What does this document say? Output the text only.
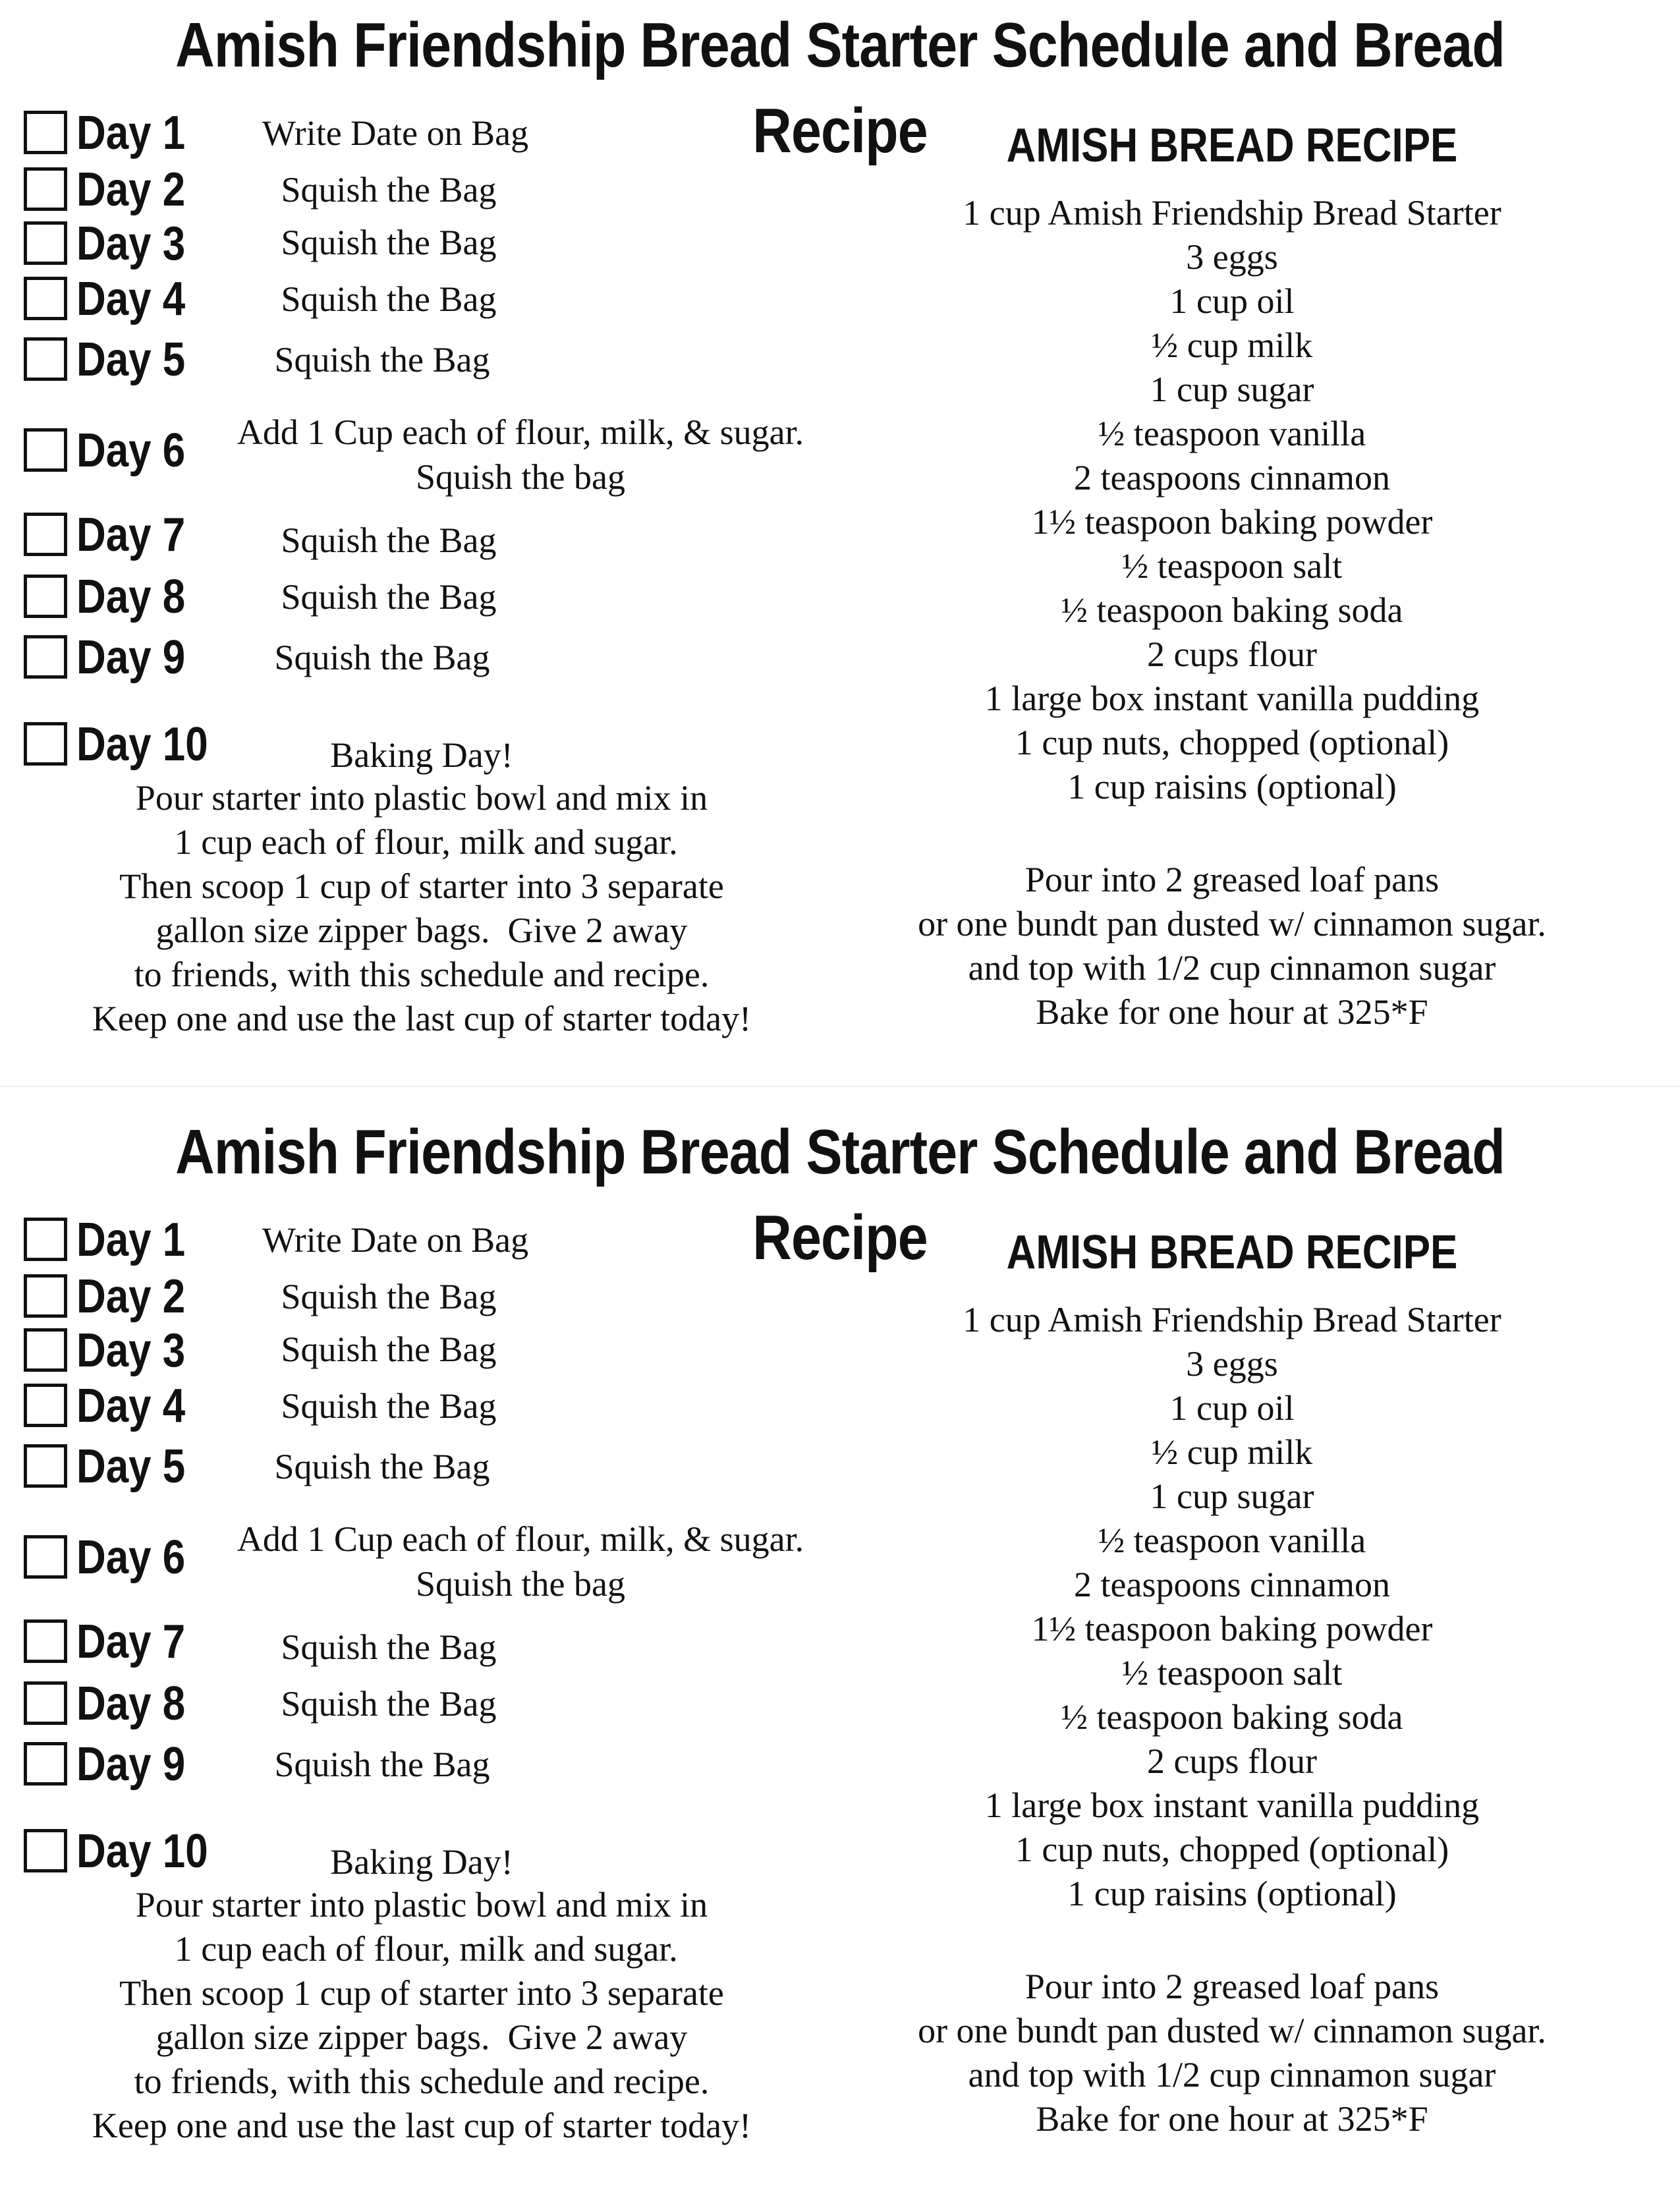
Amish Friendship Bread Starter Schedule and Bread Recipe
Day 1	Write Date on Bag
Day 2	Squish the Bag
Day 3	Squish the Bag
Day 4	Squish the Bag
Day 5	Squish the Bag
Day 6	Add 1 Cup each of flour, milk, & sugar.
Squish the bag
Day 7	Squish the Bag
Day 8	Squish the Bag
Day 9	Squish the Bag
Day 10	Baking Day!
Pour starter into plastic bowl and mix in
1 cup each of flour, milk and sugar.
Then scoop 1 cup of starter into 3 separate
gallon size zipper bags.  Give 2 away
to friends, with this schedule and recipe.
Keep one and use the last cup of starter today!
AMISH BREAD RECIPE
1 cup Amish Friendship Bread Starter
3 eggs
1 cup oil
½ cup milk
1 cup sugar
½ teaspoon vanilla
2 teaspoons cinnamon
1½ teaspoon baking powder
½ teaspoon salt
½ teaspoon baking soda
2 cups flour
1 large box instant vanilla pudding
1 cup nuts, chopped (optional)
1 cup raisins (optional)
Pour into 2 greased loaf pans
or one bundt pan dusted w/ cinnamon sugar.
and top with 1/2 cup cinnamon sugar
Bake for one hour at 325*F
Amish Friendship Bread Starter Schedule and Bread Recipe
Day 1	Write Date on Bag
Day 2	Squish the Bag
Day 3	Squish the Bag
Day 4	Squish the Bag
Day 5	Squish the Bag
Day 6	Add 1 Cup each of flour, milk, & sugar.
Squish the bag
Day 7	Squish the Bag
Day 8	Squish the Bag
Day 9	Squish the Bag
Day 10	Baking Day!
Pour starter into plastic bowl and mix in
1 cup each of flour, milk and sugar.
Then scoop 1 cup of starter into 3 separate
gallon size zipper bags.  Give 2 away
to friends, with this schedule and recipe.
Keep one and use the last cup of starter today!
AMISH BREAD RECIPE
1 cup Amish Friendship Bread Starter
3 eggs
1 cup oil
½ cup milk
1 cup sugar
½ teaspoon vanilla
2 teaspoons cinnamon
1½ teaspoon baking powder
½ teaspoon salt
½ teaspoon baking soda
2 cups flour
1 large box instant vanilla pudding
1 cup nuts, chopped (optional)
1 cup raisins (optional)
Pour into 2 greased loaf pans
or one bundt pan dusted w/ cinnamon sugar.
and top with 1/2 cup cinnamon sugar
Bake for one hour at 325*F
